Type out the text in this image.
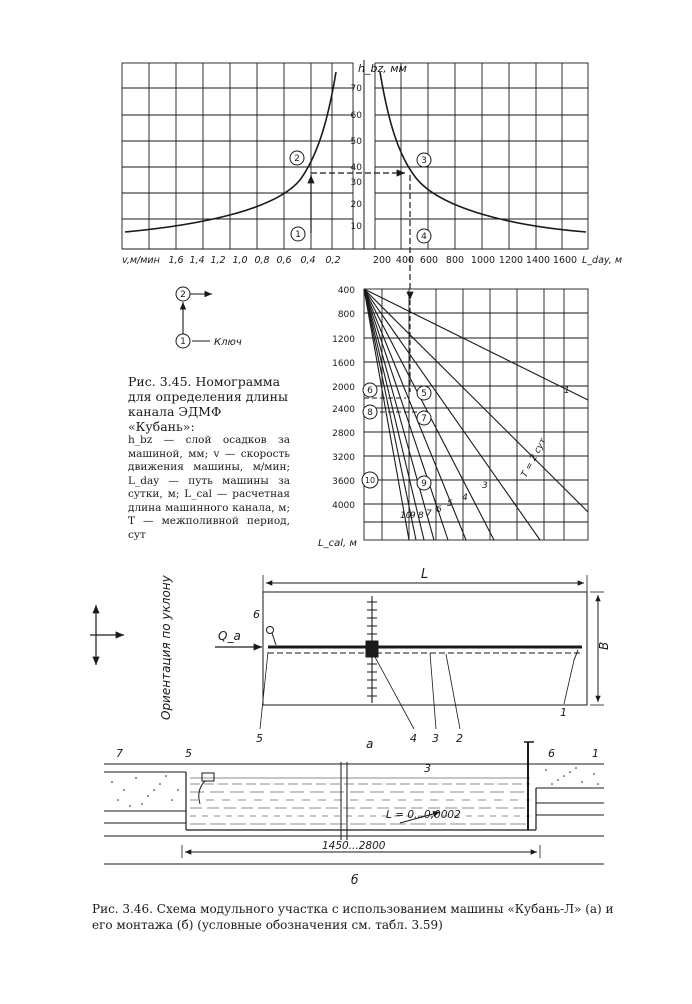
h_bz, мм
70
60
50
40
30
20
10
v,м/мин 1,6 1,4 1,2 1,0 0,8 0,6 0,4 0,2	200 400 600 800 1000 1200 1400 1600 L_day, м
400
800
1200
1600
2000
2400
2800
3200
3600
4000
L_cal, м
1
T = 2 сут
3
4
5
6
7
8
9
10
1
2	3
4
5
6
7
8
9
10
2
1	Ключ
Ориентация по уклону
L
В
Q_a
6
5	4 3 2
1
а
7	5
3
6	1
L = 0...0,0002
1450...2800
б
Рис. 3.45. Номограмма для определения длины канала ЭДМФ «Кубань»:
h_bz — слой осадков за машиной, мм; v — скорость движения машины, м/мин; L_day — путь машины за сутки, м; L_cal — расчетная длина машинного канала, м; T — межполивной период, сут
Рис. 3.46. Схема модульного участка с использованием машины «Кубань-Л» (а) и его монтажа (б) (условные обозначения см. табл. 3.59)
